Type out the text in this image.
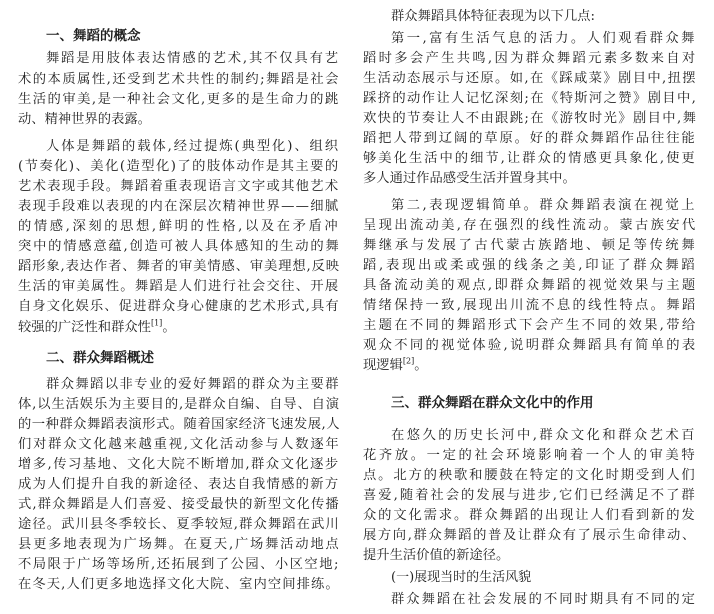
一、舞蹈的概念
舞蹈是用肢体表达情感的艺术,其不仅具有艺
术的本质属性,还受到艺术共性的制约;舞蹈是社会
生活的审美,是一种社会文化,更多的是生命力的跳
动、精神世界的表露。
人体是舞蹈的载体,经过提炼(典型化)、组织
(节奏化)、美化(造型化)了的肢体动作是其主要的
艺术表现手段。舞蹈着重表现语言文字或其他艺术
表现手段难以表现的内在深层次精神世界——细腻
的情感,深刻的思想,鲜明的性格,以及在矛盾冲
突中的情感意蕴,创造可被人具体感知的生动的舞
蹈形象,表达作者、舞者的审美情感、审美理想,反映
生活的审美属性。舞蹈是人们进行社会交往、开展
自身文化娱乐、促进群众身心健康的艺术形式,具有
较强的广泛性和群众性[1]。
二、群众舞蹈概述
群众舞蹈以非专业的爱好舞蹈的群众为主要群
体,以生活娱乐为主要目的,是群众自编、自导、自演
的一种群众舞蹈表演形式。随着国家经济飞速发展,人
们对群众文化越来越重视,文化活动参与人数逐年
增多,传习基地、文化大院不断增加,群众文化逐步
成为人们提升自我的新途径、表达自我情感的新方
式,群众舞蹈是人们喜爱、接受最快的新型文化传播
途径。武川县冬季较长、夏季较短,群众舞蹈在武川
县更多地表现为广场舞。在夏天,广场舞活动地点
不局限于广场等场所,还拓展到了公园、小区空地;
在冬天,人们更多地选择文化大院、室内空间排练。
群众舞蹈具体特征表现为以下几点:
第一,富有生活气息的活力。人们观看群众舞
蹈时多会产生共鸣,因为群众舞蹈元素多数来自对
生活动态展示与还原。如,在《踩咸菜》剧目中,扭摆
踩挤的动作让人记忆深刻;在《特斯河之赞》剧目中,
欢快的节奏让人不由跟跳;在《游牧时光》剧目中,舞
蹈把人带到辽阔的草原。好的群众舞蹈作品往往能
够美化生活中的细节,让群众的情感更具象化,使更
多人通过作品感受生活并置身其中。
第二,表现逻辑简单。群众舞蹈表演在视觉上
呈现出流动美,存在强烈的线性流动。蒙古族安代
舞继承与发展了古代蒙古族踏地、顿足等传统舞
蹈,表现出或柔或强的线条之美,印证了群众舞蹈
具备流动美的观点,即群众舞蹈的视觉效果与主题
情绪保持一致,展现出川流不息的线性特点。舞蹈
主题在不同的舞蹈形式下会产生不同的效果,带给
观众不同的视觉体验,说明群众舞蹈具有简单的表
现逻辑[2]。
三、群众舞蹈在群众文化中的作用
在悠久的历史长河中,群众文化和群众艺术百
花齐放。一定的社会环境影响着一个人的审美特
点。北方的秧歌和腰鼓在特定的文化时期受到人们
喜爱,随着社会的发展与进步,它们已经满足不了群
众的文化需求。群众舞蹈的出现让人们看到新的发
展方向,群众舞蹈的普及让群众有了展示生命律动、
提升生活价值的新途径。
(一)展现当时的生活风貌
群众舞蹈在社会发展的不同时期具有不同的定
